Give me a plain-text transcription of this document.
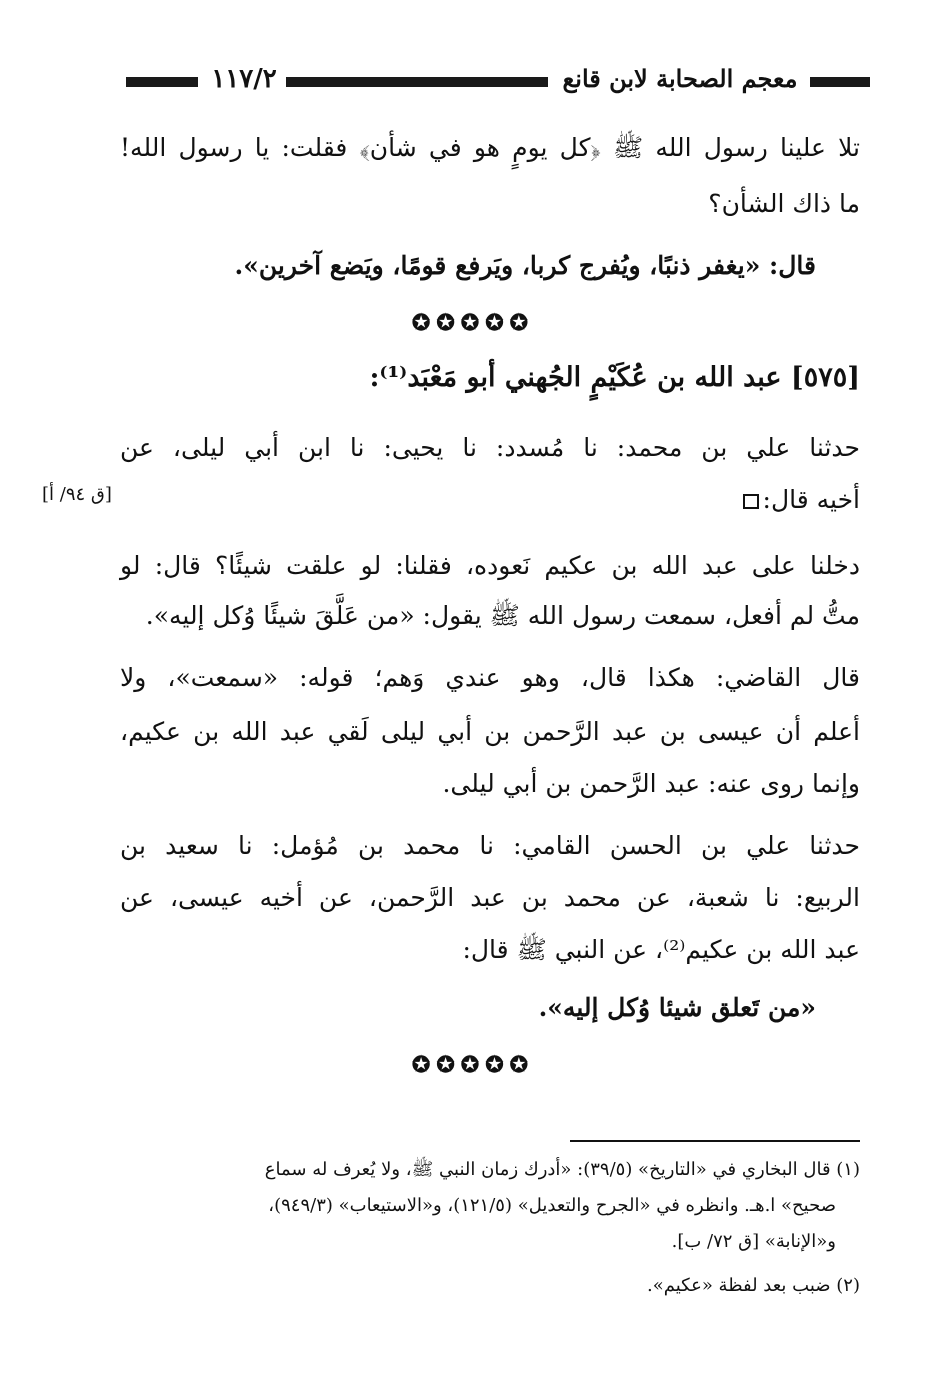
١١٧/٢	معجم الصحابة لابن قانع
تلا علينا رسول الله ﷺ ﴿كل يومٍ هو في شأن﴾ فقلت: يا رسول الله!
ما ذاك الشأن؟
قال: «يغفر ذنبًا، ويُفرج كربا، ويَرفع قومًا، ويَضع آخرين».
✪✪✪✪✪
[٥٧٥] عبد الله بن عُكَيْمٍ الجُهني أبو مَعْبَد⁽¹⁾:
حدثنا علي بن محمد: نا مُسدد: نا يحيى: نا ابن أبي ليلى، عن
أخيه قال:
[ق ٩٤/ أ]
دخلنا على عبد الله بن عكيم نَعوده، فقلنا: لو علقت شيئًا؟ قال: لو
متُّ لم أفعل، سمعت رسول الله ﷺ يقول: «من عَلَّقَ شيئًا وُكل إليه».
قال القاضي: هكذا قال، وهو عندي وَهم؛ قوله: «سمعت»، ولا
أعلم أن عيسى بن عبد الرَّحمن بن أبي ليلى لَقي عبد الله بن عكيم،
وإنما روى عنه: عبد الرَّحمن بن أبي ليلى.
حدثنا علي بن الحسن القامي: نا محمد بن مُؤمل: نا سعيد بن
الربيع: نا شعبة، عن محمد بن عبد الرَّحمن، عن أخيه عيسى، عن
عبد الله بن عكيم⁽²⁾، عن النبي ﷺ قال:
«من تَعلق شيئا وُكل إليه».
✪✪✪✪✪
(١) قال البخاري في «التاريخ» (٣٩/٥): «أدرك زمان النبي ﷺ، ولا يُعرف له سماع
صحيح» ا.هـ. وانظره في «الجرح والتعديل» (١٢١/٥)، و«الاستيعاب» (٩٤٩/٣)،
و«الإنابة» [ق ٧٢/ ب].
(٢) ضبب بعد لفظة «عكيم».
